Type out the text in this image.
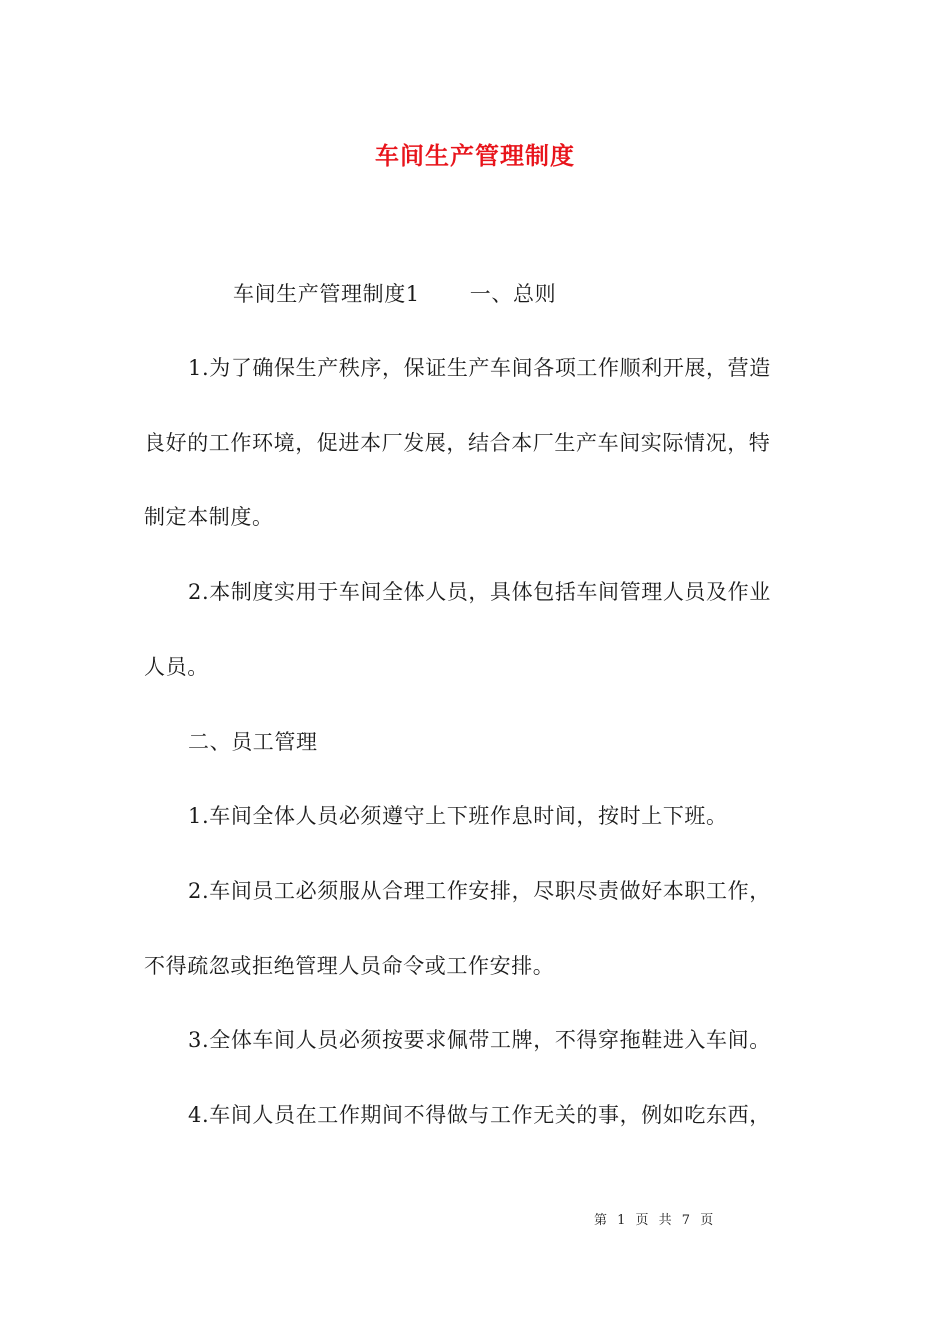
车间生产管理制度
车间生产管理制度1 一、总则
1.为了确保生产秩序，保证生产车间各项工作顺利开展，营造
良好的工作环境，促进本厂发展，结合本厂生产车间实际情况，特
制定本制度。
2.本制度实用于车间全体人员，具体包括车间管理人员及作业
人员。
二、员工管理
1.车间全体人员必须遵守上下班作息时间，按时上下班。
2.车间员工必须服从合理工作安排，尽职尽责做好本职工作，
不得疏忽或拒绝管理人员命令或工作安排。
3.全体车间人员必须按要求佩带工牌，不得穿拖鞋进入车间。
4.车间人员在工作期间不得做与工作无关的事，例如吃东西，
第 1 页 共 7 页
